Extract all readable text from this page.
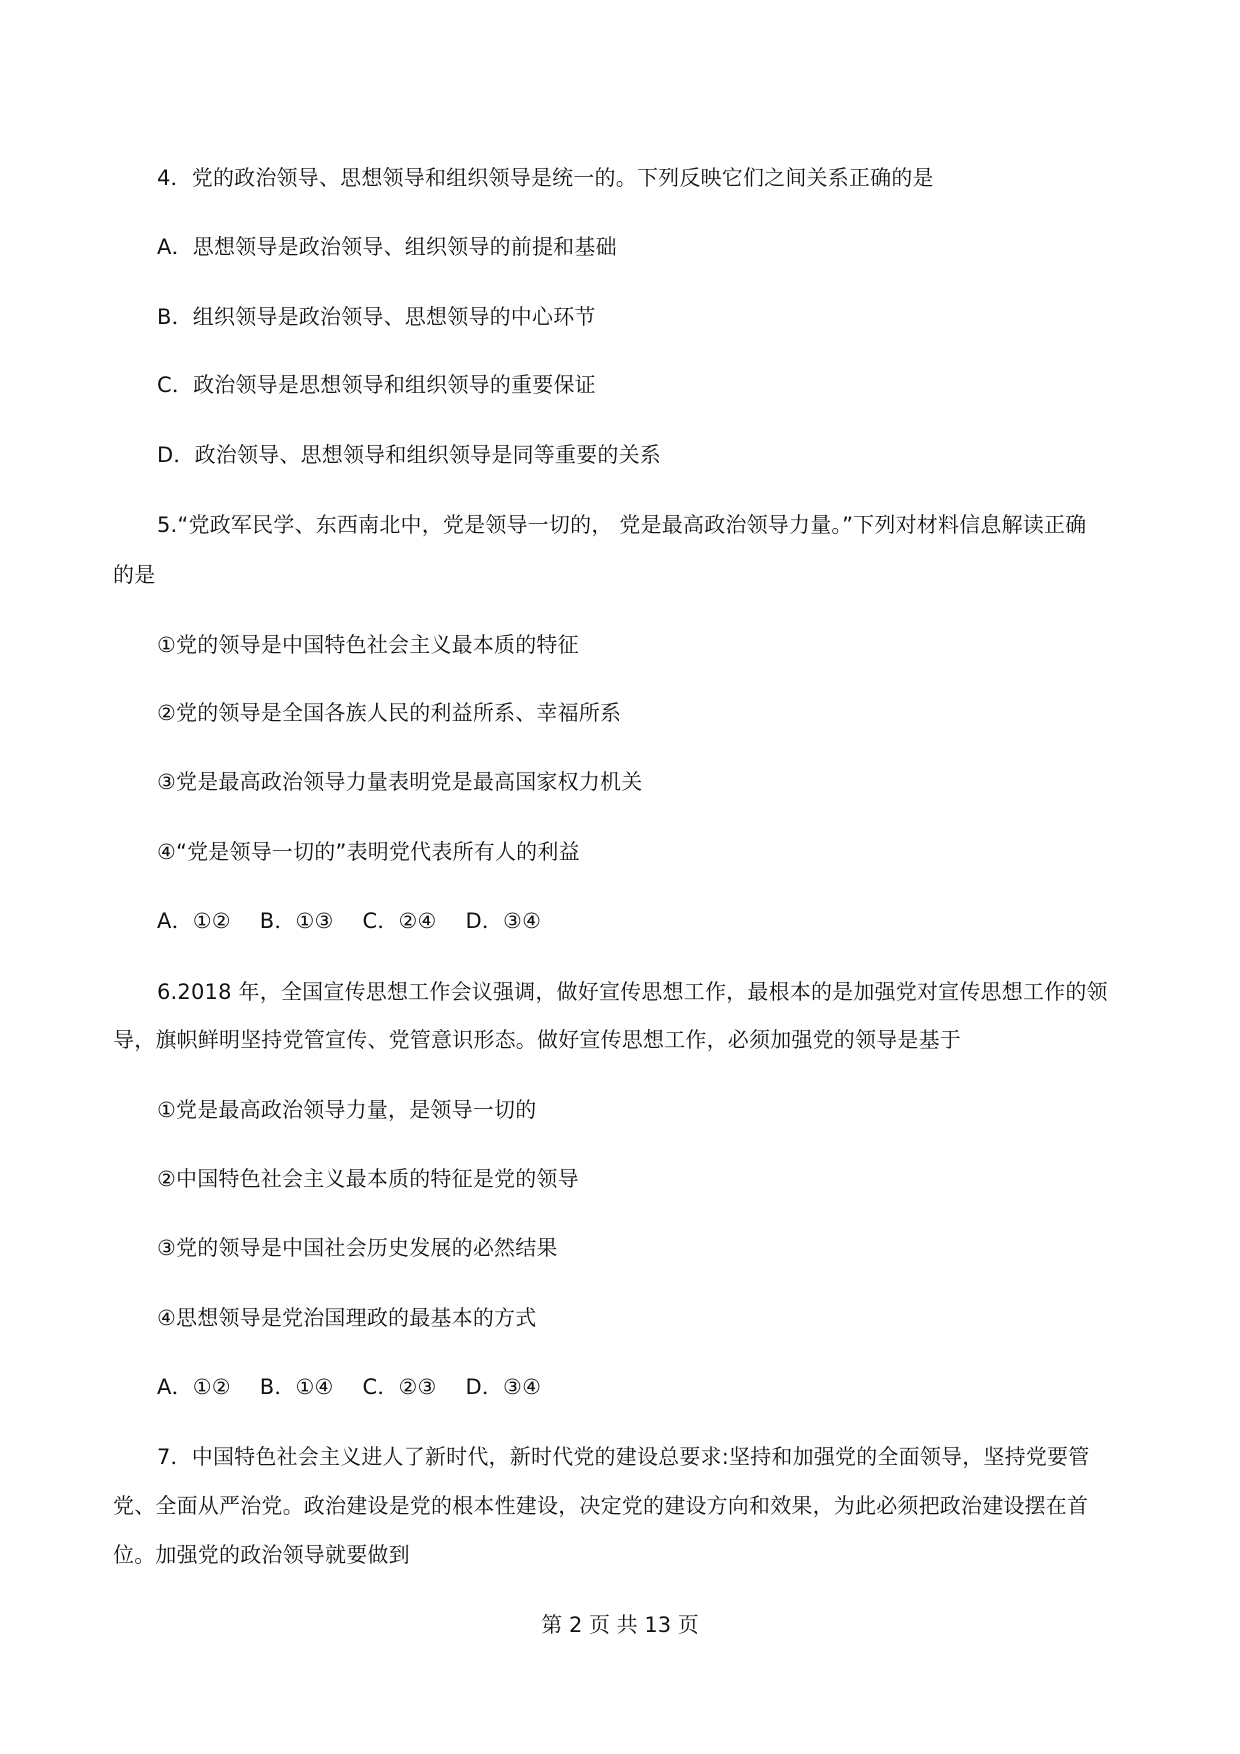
4．党的政治领导、思想领导和组织领导是统一的。下列反映它们之间关系正确的是
A．思想领导是政治领导、组织领导的前提和基础
B．组织领导是政治领导、思想领导的中心环节
C．政治领导是思想领导和组织领导的重要保证
D．政治领导、思想领导和组织领导是同等重要的关系
5.“党政军民学、东西南北中，党是领导一切的， 党是最高政治领导力量。”下列对材料信息解读正确
的是
①党的领导是中国特色社会主义最本质的特征
②党的领导是全国各族人民的利益所系、幸福所系
③党是最高政治领导力量表明党是最高国家权力机关
④“党是领导一切的”表明党代表所有人的利益
A．①② B．①③ C．②④ D．③④
6.2018 年，全国宣传思想工作会议强调，做好宣传思想工作，最根本的是加强党对宣传思想工作的领
导，旗帜鲜明坚持党管宣传、党管意识形态。做好宣传思想工作，必须加强党的领导是基于
①党是最高政治领导力量，是领导一切的
②中国特色社会主义最本质的特征是党的领导
③党的领导是中国社会历史发展的必然结果
④思想领导是党治国理政的最基本的方式
A．①② B．①④ C．②③ D．③④
7．中国特色社会主义进人了新时代，新时代党的建设总要求:坚持和加强党的全面领导，坚持党要管
党、全面从严治党。政治建设是党的根本性建设，决定党的建设方向和效果，为此必须把政治建设摆在首
位。加强党的政治领导就要做到
第 2 页 共 13 页
